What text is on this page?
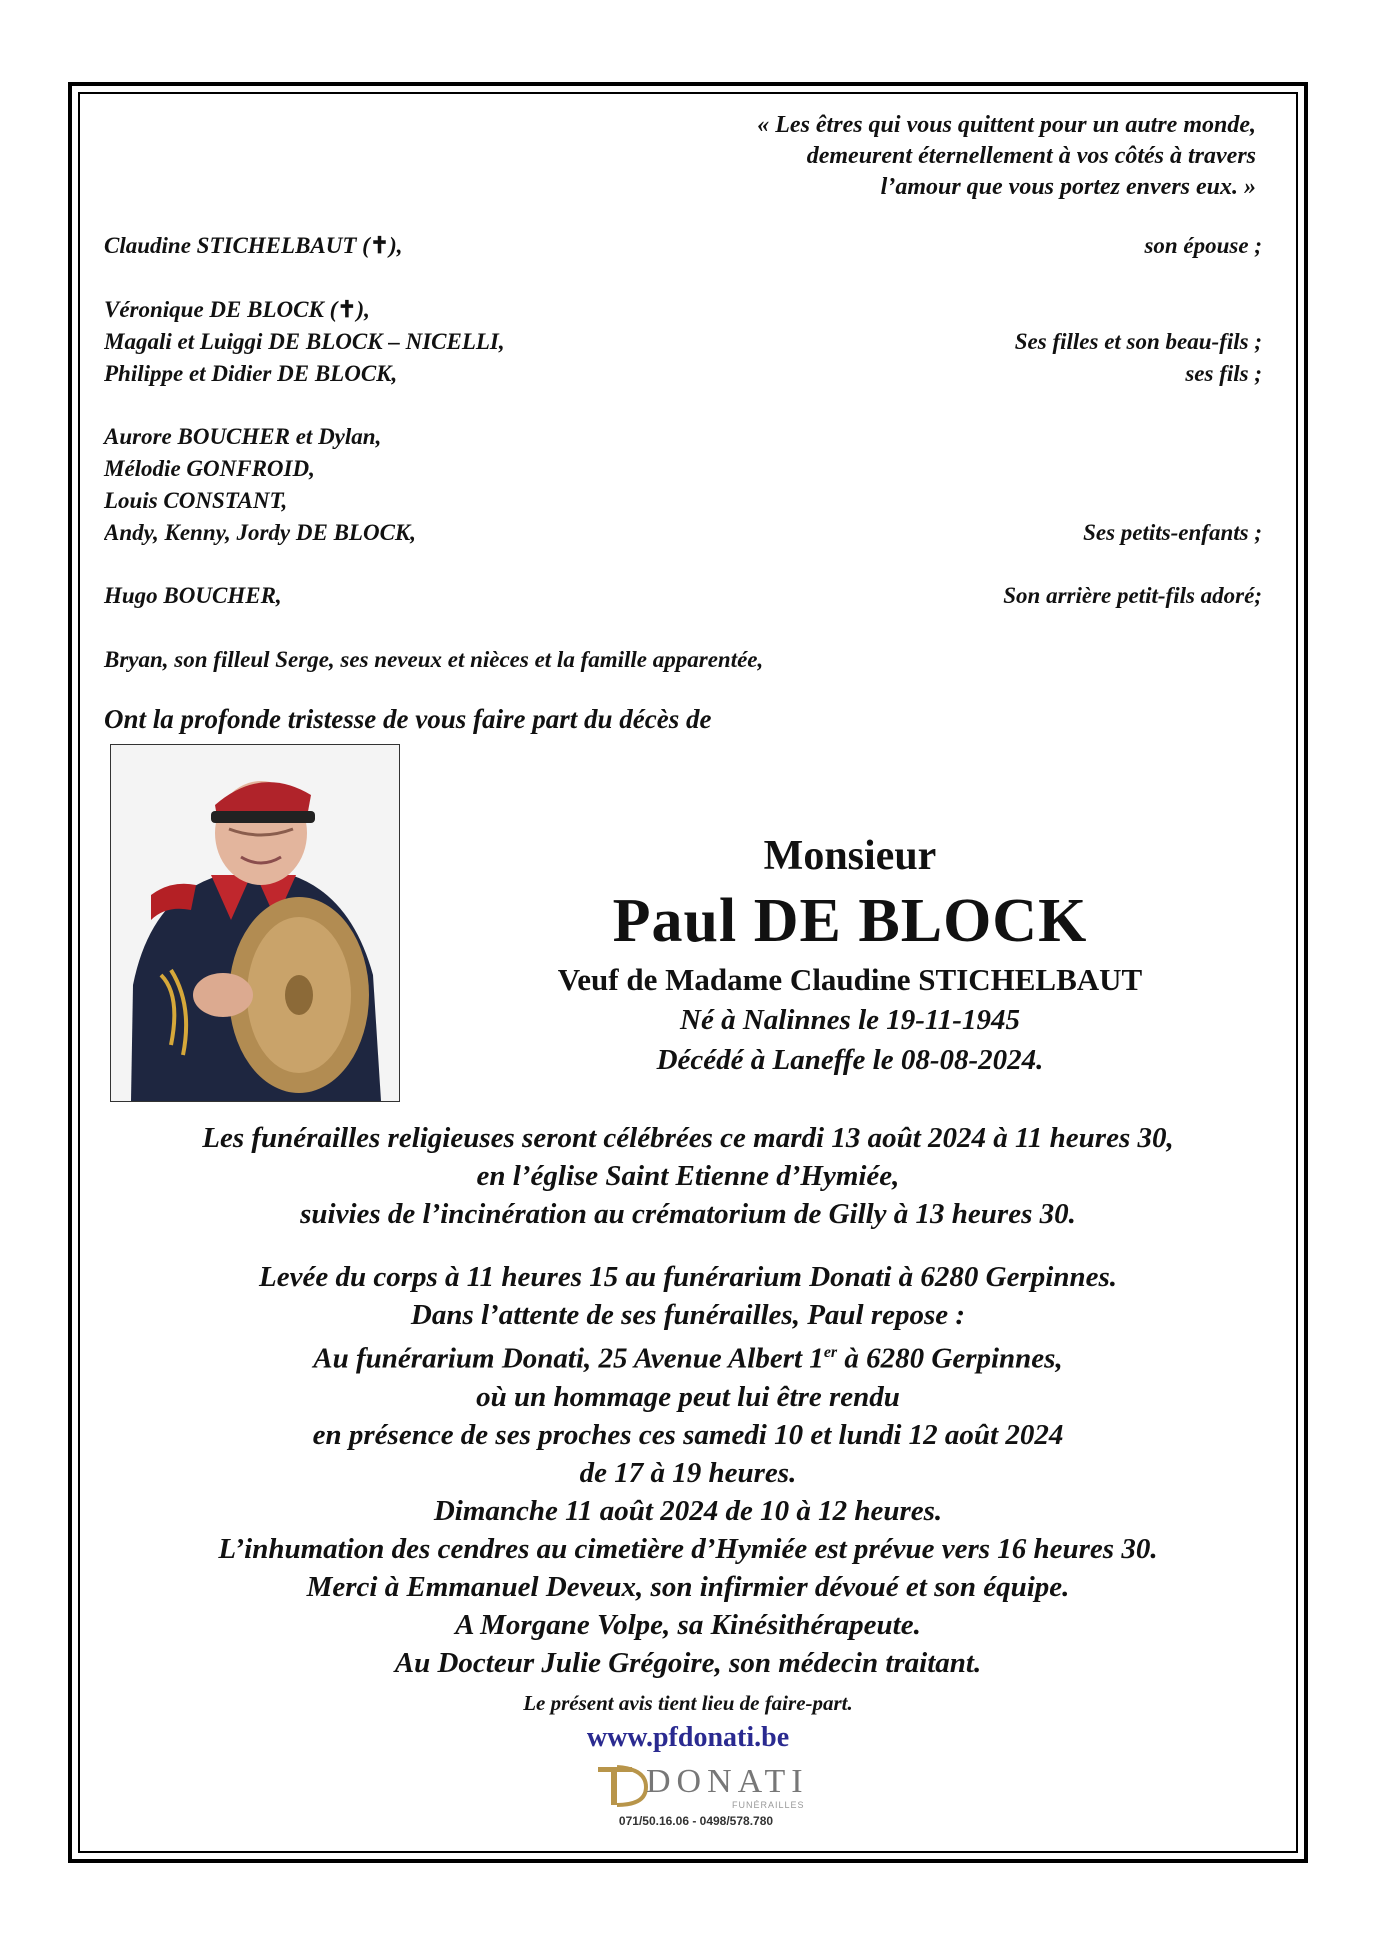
« Les êtres qui vous quittent pour un autre monde,
demeurent éternellement à vos côtés à travers
l’amour que vous portez envers eux. »
Claudine STICHELBAUT (✝),	son épouse ;
Véronique DE BLOCK (✝),
Magali et Luiggi DE BLOCK – NICELLI,	Ses filles et son beau-fils ;
Philippe et Didier DE BLOCK,	ses fils ;
Aurore BOUCHER et Dylan,
Mélodie GONFROID,
Louis CONSTANT,
Andy, Kenny, Jordy DE BLOCK,	Ses petits-enfants ;
Hugo BOUCHER,	Son arrière petit-fils adoré;
Bryan, son filleul Serge, ses neveux et nièces et la famille apparentée,
Ont la profonde tristesse de vous faire part du décès de
Monsieur
Paul DE BLOCK
Veuf de Madame Claudine STICHELBAUT
Né à Nalinnes le 19-11-1945
Décédé à Laneffe le 08-08-2024.
Les funérailles religieuses seront célébrées ce mardi 13 août 2024 à 11 heures 30,
en l’église Saint Etienne d’Hymiée,
suivies de l’incinération au crématorium de Gilly à 13 heures 30.
Levée du corps à 11 heures 15 au funérarium Donati à 6280 Gerpinnes.
Dans l’attente de ses funérailles, Paul repose :
Au funérarium Donati, 25 Avenue Albert 1er à 6280 Gerpinnes,
où un hommage peut lui être rendu
en présence de ses proches ces samedi 10 et lundi 12 août 2024
de 17 à 19 heures.
Dimanche 11 août 2024 de 10 à 12 heures.
L’inhumation des cendres au cimetière d’Hymiée est prévue vers 16 heures 30.
Merci à Emmanuel Deveux, son infirmier dévoué et son équipe.
A Morgane Volpe, sa Kinésithérapeute.
Au Docteur Julie Grégoire, son médecin traitant.
Le présent avis tient lieu de faire-part.
www.pfdonati.be
DONATI
FUNÉRAILLES
071/50.16.06 - 0498/578.780
